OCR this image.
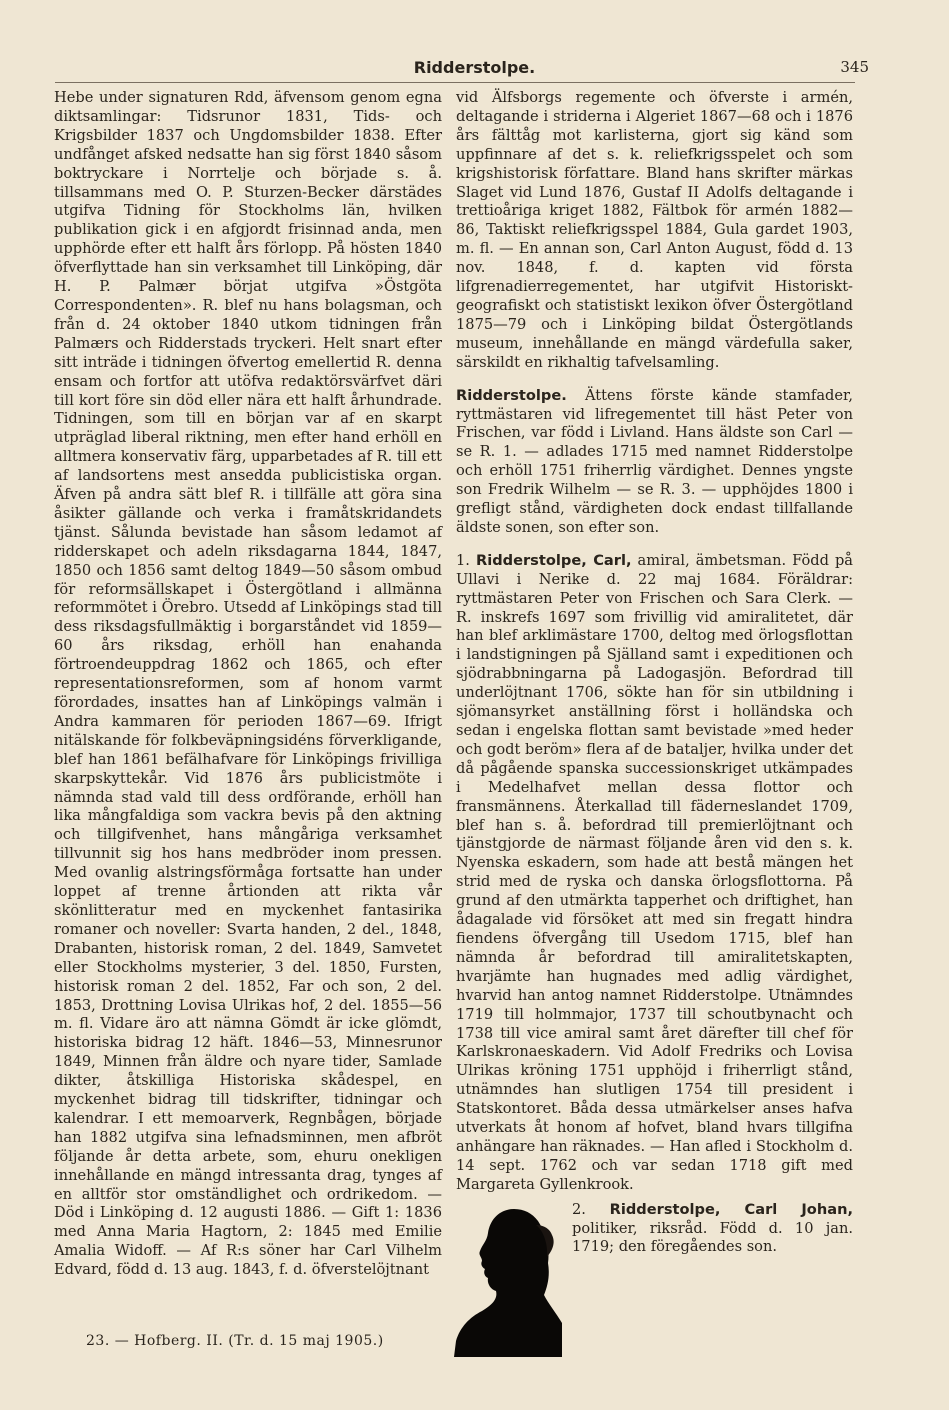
Ridderstolpe.	345

Hebe under signaturen Rdd, äfvensom genom egna diktsamlingar: Tidsrunor 1831, Tids- och Krigsbilder 1837 och Ungdomsbilder 1838. Efter undfånget afsked nedsatte han sig först 1840 såsom boktryckare i Norrtelje och började s. å. tillsammans med O. P. Sturzen-Becker därstädes utgifva Tidning för Stockholms län, hvilken publikation gick i en afgjordt frisinnad anda, men upphörde efter ett halft års förlopp. På hösten 1840 öfverflyttade han sin verksamhet till Linköping, där H. P. Palmær börjat utgifva »Östgöta Correspondenten». R. blef nu hans bolagsman, och från d. 24 oktober 1840 utkom tidningen från Palmærs och Ridderstads tryckeri. Helt snart efter sitt inträde i tidningen öfvertog emellertid R. denna ensam och fortfor att utöfva redaktörsvärfvet däri till kort före sin död eller nära ett halft århundrade. Tidningen, som till en början var af en skarpt utpräglad liberal riktning, men efter hand erhöll en alltmera konservativ färg, upparbetades af R. till ett af landsortens mest ansedda publicistiska organ. Äfven på andra sätt blef R. i tillfälle att göra sina åsikter gällande och verka i framåtskridandets tjänst. Sålunda bevistade han såsom ledamot af ridderskapet och adeln riksdagarna 1844, 1847, 1850 och 1856 samt deltog 1849—50 såsom ombud för reformsällskapet i Östergötland i allmänna reformmötet i Örebro. Utsedd af Linköpings stad till dess riksdagsfullmäktig i borgarståndet vid 1859—60 års riksdag, erhöll han enahanda förtroendeuppdrag 1862 och 1865, och efter representationsreformen, som af honom varmt förordades, insattes han af Linköpings valmän i Andra kammaren för perioden 1867—69. Ifrigt nitälskande för folkbeväpningsidéns förverkligande, blef han 1861 befälhafvare för Linköpings frivilliga skarpskyttekår. Vid 1876 års publicistmöte i nämnda stad vald till dess ordförande, erhöll han lika mångfaldiga som vackra bevis på den aktning och tillgifvenhet, hans mångåriga verksamhet tillvunnit sig hos hans medbröder inom pressen. Med ovanlig alstringsförmåga fortsatte han under loppet af trenne årtionden att rikta vår skönlitteratur med en myckenhet fantasirika romaner och noveller: Svarta handen, 2 del., 1848, Drabanten, historisk roman, 2 del. 1849, Samvetet eller Stockholms mysterier, 3 del. 1850, Fursten, historisk roman 2 del. 1852, Far och son, 2 del. 1853, Drottning Lovisa Ulrikas hof, 2 del. 1855—56 m. fl. Vidare äro att nämna Gömdt är icke glömdt, historiska bidrag 12 häft. 1846—53, Minnesrunor 1849, Minnen från äldre och nyare tider, Samlade dikter, åtskilliga Historiska skådespel, en myckenhet bidrag till tidskrifter, tidningar och kalendrar. I ett memoarverk, Regnbågen, började han 1882 utgifva sina lefnadsminnen, men afbröt följande år detta arbete, som, ehuru onekligen innehållande en mängd intressanta drag, tynges af en alltför stor omständlighet och ordrikedom. — Död i Linköping d. 12 augusti 1886. — Gift 1: 1836 med Anna Maria Hagtorn, 2: 1845 med Emilie Amalia Widoff. — Af R:s söner har Carl Vilhelm Edvard, född d. 13 aug. 1843, f. d. öfverstelöjtnant

vid Älfsborgs regemente och öfverste i armén, deltagande i striderna i Algeriet 1867—68 och i 1876 års fälttåg mot karlisterna, gjort sig känd som uppfinnare af det s. k. reliefkrigsspelet och som krigshistorisk författare. Bland hans skrifter märkas Slaget vid Lund 1876, Gustaf II Adolfs deltagande i trettioåriga kriget 1882, Fältbok för armén 1882—86, Taktiskt reliefkrigsspel 1884, Gula gardet 1903, m. fl. — En annan son, Carl Anton August, född d. 13 nov. 1848, f. d. kapten vid första lifgrenadierregementet, har utgifvit Historiskt-geografiskt och statistiskt lexikon öfver Östergötland 1875—79 och i Linköping bildat Östergötlands museum, innehållande en mängd värdefulla saker, särskildt en rikhaltig tafvelsamling.

Ridderstolpe. Ättens förste kände stamfader, ryttmästaren vid lifregementet till häst Peter von Frischen, var född i Livland. Hans äldste son Carl — se R. 1. — adlades 1715 med namnet Ridderstolpe och erhöll 1751 friherrlig värdighet. Dennes yngste son Fredrik Wilhelm — se R. 3. — upphöjdes 1800 i grefligt stånd, värdigheten dock endast tillfallande äldste sonen, son efter son.

1. Ridderstolpe, Carl, amiral, ämbetsman. Född på Ullavi i Nerike d. 22 maj 1684. Föräldrar: ryttmästaren Peter von Frischen och Sara Clerk. — R. inskrefs 1697 som frivillig vid amiralitetet, där han blef arklimästare 1700, deltog med örlogsflottan i landstigningen på Själland samt i expeditionen och sjödrabbningarna på Ladogasjön. Befordrad till underlöjtnant 1706, sökte han för sin utbildning i sjömansyrket anställning först i holländska och sedan i engelska flottan samt bevistade »med heder och godt beröm» flera af de bataljer, hvilka under det då pågående spanska successionskriget utkämpades i Medelhafvet mellan dessa flottor och fransmännens. Återkallad till fäderneslandet 1709, blef han s. å. befordrad till premierlöjtnant och tjänstgjorde de närmast följande åren vid den s. k. Nyenska eskadern, som hade att bestå mängen het strid med de ryska och danska örlogsflottorna. På grund af den utmärkta tapperhet och driftighet, han ådagalade vid försöket att med sin fregatt hindra fiendens öfvergång till Usedom 1715, blef han nämnda år befordrad till amiralitetskapten, hvarjämte han hugnades med adlig värdighet, hvarvid han antog namnet Ridderstolpe. Utnämndes 1719 till holmmajor, 1737 till schoutbynacht och 1738 till vice amiral samt året därefter till chef för Karlskronaeskadern. Vid Adolf Fredriks och Lovisa Ulrikas kröning 1751 upphöjd i friherrligt stånd, utnämndes han slutligen 1754 till president i Statskontoret. Båda dessa utmärkelser anses hafva utverkats åt honom af hofvet, bland hvars tillgifna anhängare han räknades. — Han afled i Stockholm d. 14 sept. 1762 och var sedan 1718 gift med Margareta Gyllenkrook.

2. Ridderstolpe, Carl Johan, politiker, riksråd. Född d. 10 jan. 1719; den föregåendes son.

23. — Hofberg. II. (Tr. d. 15 maj 1905.)
